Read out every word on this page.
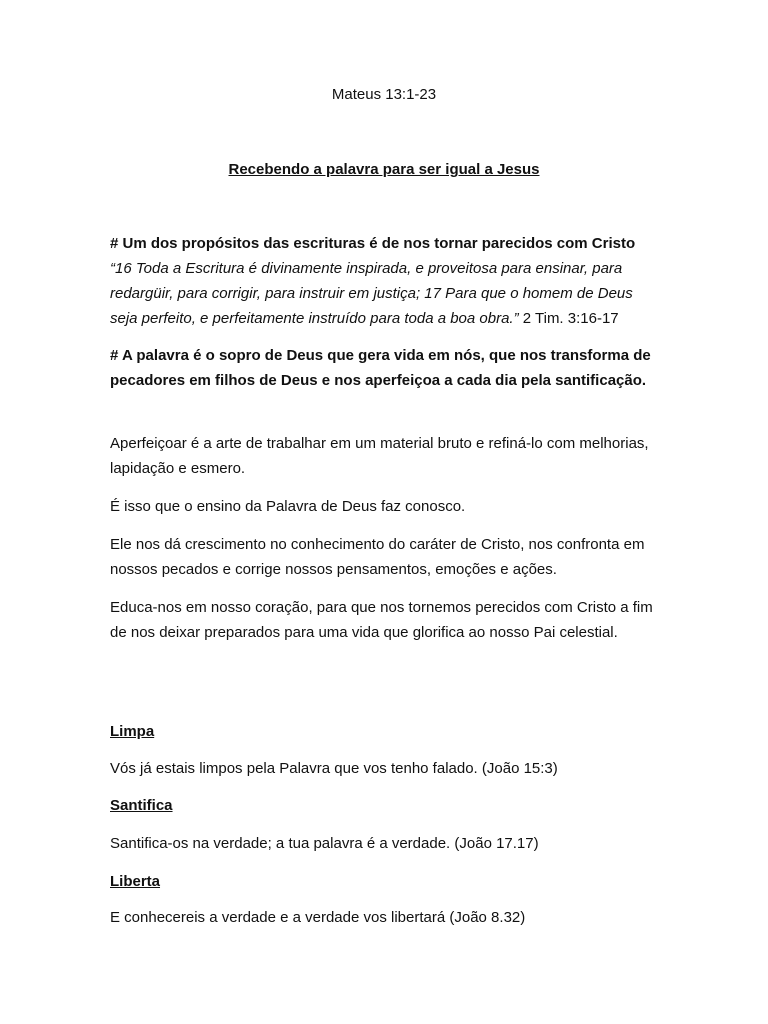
Mateus 13:1-23

Recebendo a palavra para ser igual a Jesus

# Um dos propósitos das escrituras é de nos tornar parecidos com Cristo

“16 Toda a Escritura é divinamente inspirada, e proveitosa para ensinar, para redargüir, para corrigir, para instruir em justiça; 17 Para que o homem de Deus seja perfeito, e perfeitamente instruído para toda a boa obra.” 2 Tim. 3:16-17

# A palavra é o sopro de Deus que gera vida em nós, que nos transforma de pecadores em filhos de Deus e nos aperfeiçoa a cada dia pela santificação.

Aperfeiçoar é a arte de trabalhar em um material bruto e refiná-lo com melhorias, lapidação e esmero.

É isso que o ensino da Palavra de Deus faz conosco.

Ele nos dá crescimento no conhecimento do caráter de Cristo, nos confronta em nossos pecados e corrige nossos pensamentos, emoções e ações.

Educa-nos em nosso coração, para que nos tornemos perecidos com Cristo a fim de nos deixar preparados para uma vida que glorifica ao nosso Pai celestial.

Limpa

Vós já estais limpos pela Palavra que vos tenho falado. (João 15:3)

Santifica

Santifica-os na verdade; a tua palavra é a verdade. (João 17.17)

Liberta

E conhecereis a verdade e a verdade vos libertará (João 8.32)
